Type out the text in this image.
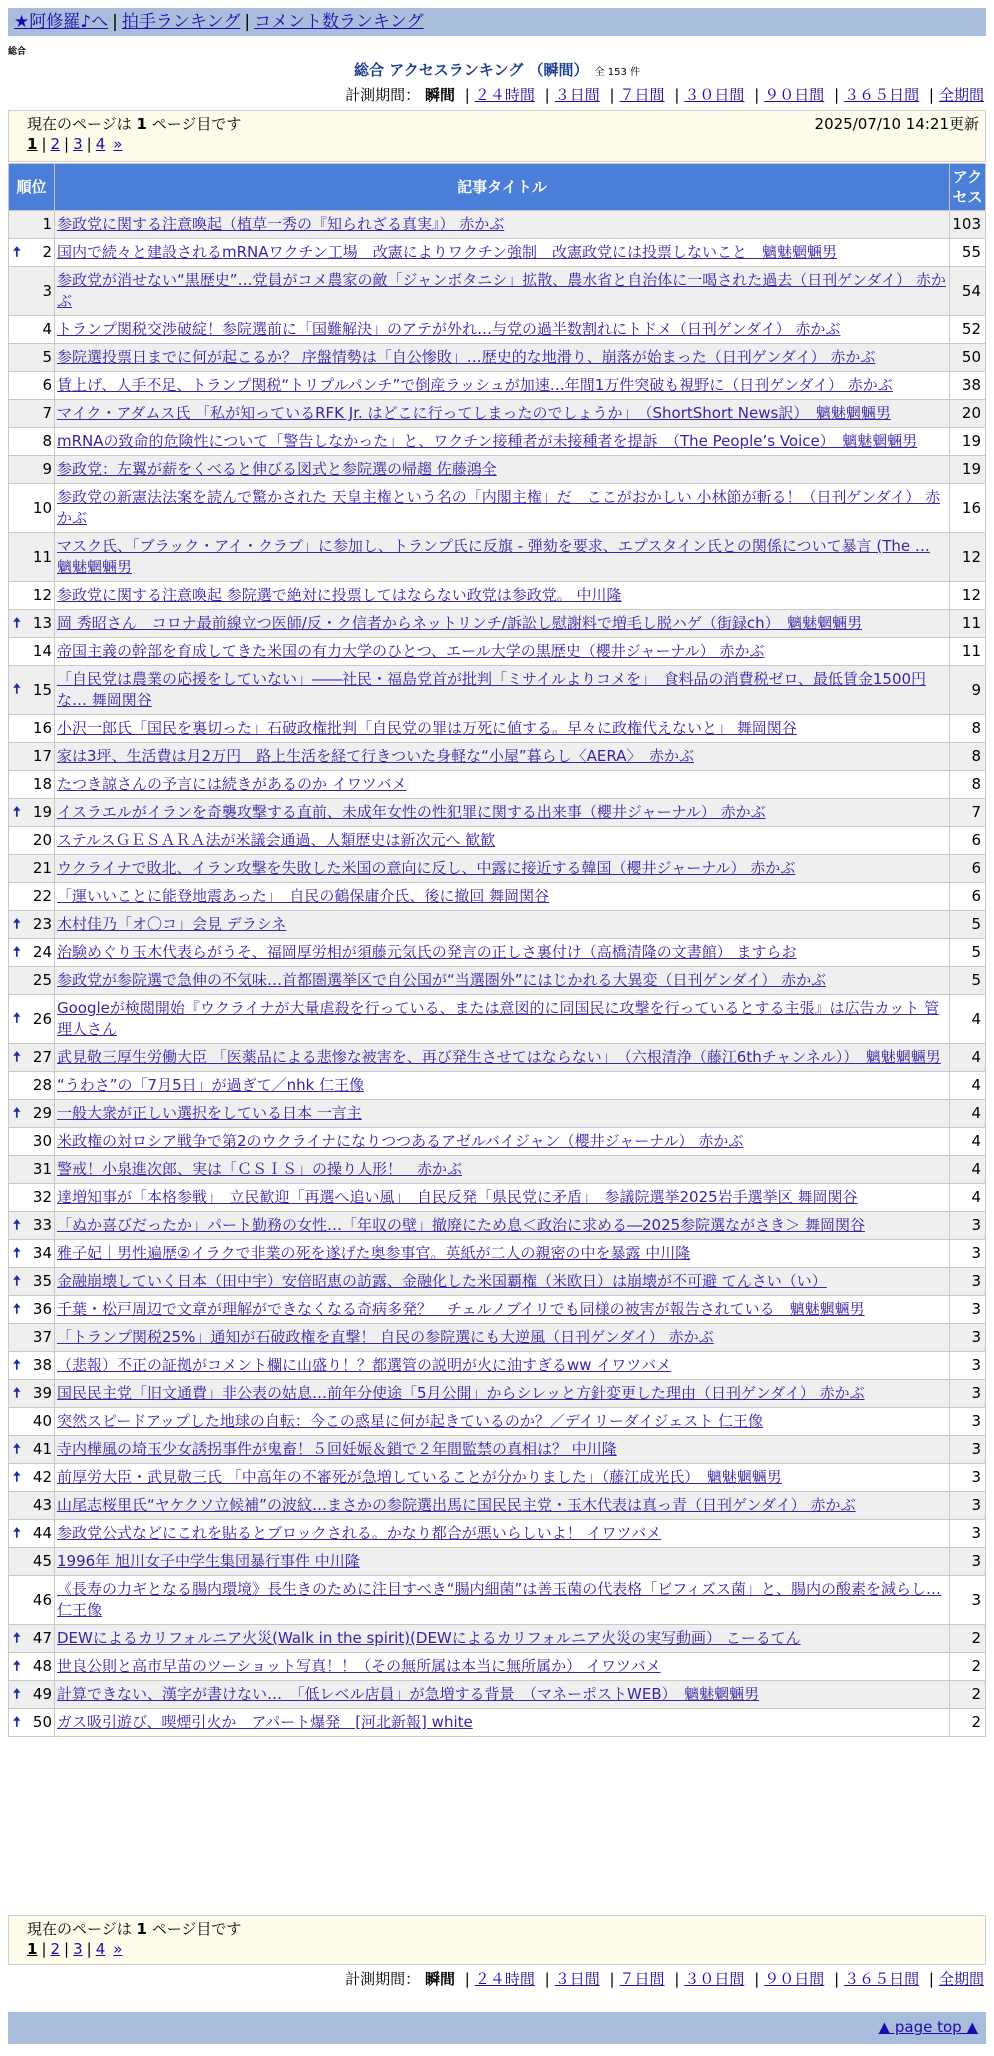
★阿修羅♪へ | 拍手ランキング | コメント数ランキング
総合
総合 アクセスランキング （瞬間） 全 153 件
計測期間： 瞬間 | ２４時間 | ３日間 | ７日間 | ３０日間 | ９０日間 | ３６５日間 | 全期間
現在のページは 1 ページ目です	2025/07/10 14:21更新
1 | 2 | 3 | 4 »
順位	記事タイトル	アクセス
1	参政党に関する注意喚起（植草一秀の『知られざる真実』） 赤かぶ	103

🠅 2	国内で続々と建設されるmRNAワクチン工場　改憲によりワクチン強制　改憲政党には投票しないこと　魑魅魍魎男	55
3	参政党が消せない“黒歴史”…党員がコメ農家の敵「ジャンボタニシ」拡散、農水省と自治体に一喝された過去（日刊ゲンダイ） 赤かぶ	54
4	トランプ関税交渉破綻！参院選前に「国難解決」のアテが外れ…与党の過半数割れにトドメ（日刊ゲンダイ） 赤かぶ	52
5	参院選投票日までに何が起こるか？ 序盤情勢は「自公惨敗」…歴史的な地滑り、崩落が始まった（日刊ゲンダイ） 赤かぶ	50
6	賃上げ、人手不足、トランプ関税“トリプルパンチ”で倒産ラッシュが加速…年間1万件突破も視野に（日刊ゲンダイ） 赤かぶ	38
7	マイク・アダムス氏 「私が知っているRFK Jr. はどこに行ってしまったのでしょうか」　（ShortShort News訳）　魑魅魍魎男	20
8	mRNAの致命的危険性について「警告しなかった」と、ワクチン接種者が未接種者を提訴　（The People’s Voice）　魑魅魍魎男	19
9	参政党：左翼が薪をくべると伸びる図式と参院選の帰趨 佐藤鴻全	19
10	参政党の新憲法法案を読んで驚かされた 天皇主権という名の「内閣主権」だ　ここがおかしい 小林節が斬る！（日刊ゲンダイ） 赤かぶ	16
11	マスク氏、「ブラック・アイ・クラブ」に参加し、トランプ氏に反旗 - 弾劾を要求、エプスタイン氏との関係について暴言 (The … 魑魅魍魎男	12
12	参政党に関する注意喚起 参院選で絶対に投票してはならない政党は参政党。 中川隆	12

🠅 13	岡 秀昭さん　コロナ最前線立つ医師/反・ク信者からネットリンチ/訴訟し慰謝料で増毛し脱ハゲ（街録ch）　魑魅魍魎男	11
14	帝国主義の幹部を育成してきた米国の有力大学のひとつ、エール大学の黒歴史（櫻井ジャーナル） 赤かぶ	11

🠅 15	「自民党は農業の応援をしていない」――社民・福島党首が批判「ミサイルよりコメを」　食料品の消費税ゼロ、最低賃金1500円な… 舞岡関谷	9
16	小沢一郎氏「国民を裏切った」石破政権批判「自民党の罪は万死に値する。早々に政権代えないと」 舞岡関谷	8
17	家は3坪、生活費は月2万円　路上生活を経て行きついた身軽な“小屋”暮らし〈AERA〉　赤かぶ	8
18	たつき諒さんの予言には続きがあるのか イワツバメ	8

🠅 19	イスラエルがイランを奇襲攻撃する直前、未成年女性の性犯罪に関する出来事（櫻井ジャーナル） 赤かぶ	7
20	ステルスＧＥＳＡＲＡ法が米議会通過、人類歴史は新次元へ 歓歓	6
21	ウクライナで敗北、イラン攻撃を失敗した米国の意向に反し、中露に接近する韓国（櫻井ジャーナル） 赤かぶ	6
22	「運いいことに能登地震あった」　自民の鶴保庸介氏、後に撤回 舞岡関谷	6

🠅 23	木村佳乃「オ〇コ」会見 デラシネ	5

🠅 24	治験めぐり玉木代表らがうそ、福岡厚労相が須藤元気氏の発言の正しさ裏付け（高橋清隆の文書館） ますらお	5
25	参政党が参院選で急伸の不気味…首都圏選挙区で自公国が“当選圏外”にはじかれる大異変（日刊ゲンダイ） 赤かぶ	5

🠅 26	Googleが検閲開始『ウクライナが大量虐殺を行っている、または意図的に同国民に攻撃を行っているとする主張』は広告カット 管理人さん	4

🠅 27	武見敬三厚生労働大臣 「医薬品による悲惨な被害を、再び発生させてはならない」　（六根清浄（藤江6thチャンネル））　魑魅魍魎男	4
28	“うわさ”の「7月5日」が過ぎて／nhk 仁王像	4

🠅 29	一般大衆が正しい選択をしている日本 一言主	4
30	米政権の対ロシア戦争で第2のウクライナになりつつあるアゼルバイジャン（櫻井ジャーナル） 赤かぶ	4
31	警戒！小泉進次郎、実は「ＣＳＩＳ」の操り人形！　赤かぶ	4
32	達増知事が「本格参戦」　立民歓迎「再選へ追い風」　自民反発「県民党に矛盾」　参議院選挙2025岩手選挙区 舞岡関谷	4

🠅 33	「ぬか喜びだったか」パート勤務の女性…「年収の壁」撤廃にため息＜政治に求める―2025参院選ながさき＞ 舞岡関谷	3

🠅 34	雅子妃｜男性遍歴②イラクで非業の死を遂げた奥参事官。英紙が二人の親密の中を暴露 中川隆	3

🠅 35	金融崩壊していく日本（田中宇）安倍昭恵の訪露、金融化した米国覇権（米欧日）は崩壊が不可避 てんさい（い）	3

🠅 36	千葉・松戸周辺で文章が理解ができなくなる奇病多発？　チェルノブイリでも同様の被害が報告されている　魑魅魍魎男	3
37	「トランプ関税25%」通知が石破政権を直撃！ 自民の参院選にも大逆風（日刊ゲンダイ） 赤かぶ	3

🠅 38	（悲報）不正の証拠がコメント欄に山盛り！？都選管の説明が火に油すぎるww イワツバメ	3

🠅 39	国民民主党「旧文通費」非公表の姑息…前年分使途「5月公開」からシレッと方針変更した理由（日刊ゲンダイ） 赤かぶ	3
40	突然スピードアップした地球の自転：今この惑星に何が起きているのか？／デイリーダイジェスト 仁王像	3

🠅 41	寺内樺風の埼玉少女誘拐事件が鬼畜！５回妊娠＆鎖で２年間監禁の真相は？ 中川隆	3

🠅 42	前厚労大臣・武見敬三氏 「中高年の不審死が急増していることが分かりました」（藤江成光氏）　魑魅魍魎男	3
43	山尾志桜里氏“ヤケクソ立候補”の波紋…まさかの参院選出馬に国民民主党・玉木代表は真っ青（日刊ゲンダイ） 赤かぶ	3

🠅 44	参政党公式などにこれを貼るとブロックされる。かなり都合が悪いらしいよ！ イワツバメ	3
45	1996年 旭川女子中学生集団暴行事件 中川隆	3
46	《長寿の力ギとなる腸内環境》長生きのために注目すべき“腸内細菌”は善玉菌の代表格「ビフィズス菌」と、腸内の酸素を減らし… 仁王像	3

🠅 47	DEWによるカリフォルニア火災(Walk in the spirit)(DEWによるカリフォルニア火災の実写動画） こーるてん	2

🠅 48	世良公則と高市早苗のツーショット写真！！（その無所属は本当に無所属か） イワツバメ	2

🠅 49	計算できない、漢字が書けない…　「低レベル店員」が急増する背景　（マネーポストWEB）　魑魅魍魎男	2

🠅 50	ガス吸引遊び、喫煙引火か　アパート爆発　[河北新報] white	2
現在のページは 1 ページ目です
1 | 2 | 3 | 4 »
計測期間： 瞬間 | ２４時間 | ３日間 | ７日間 | ３０日間 | ９０日間 | ３６５日間 | 全期間
▲ page top ▲
